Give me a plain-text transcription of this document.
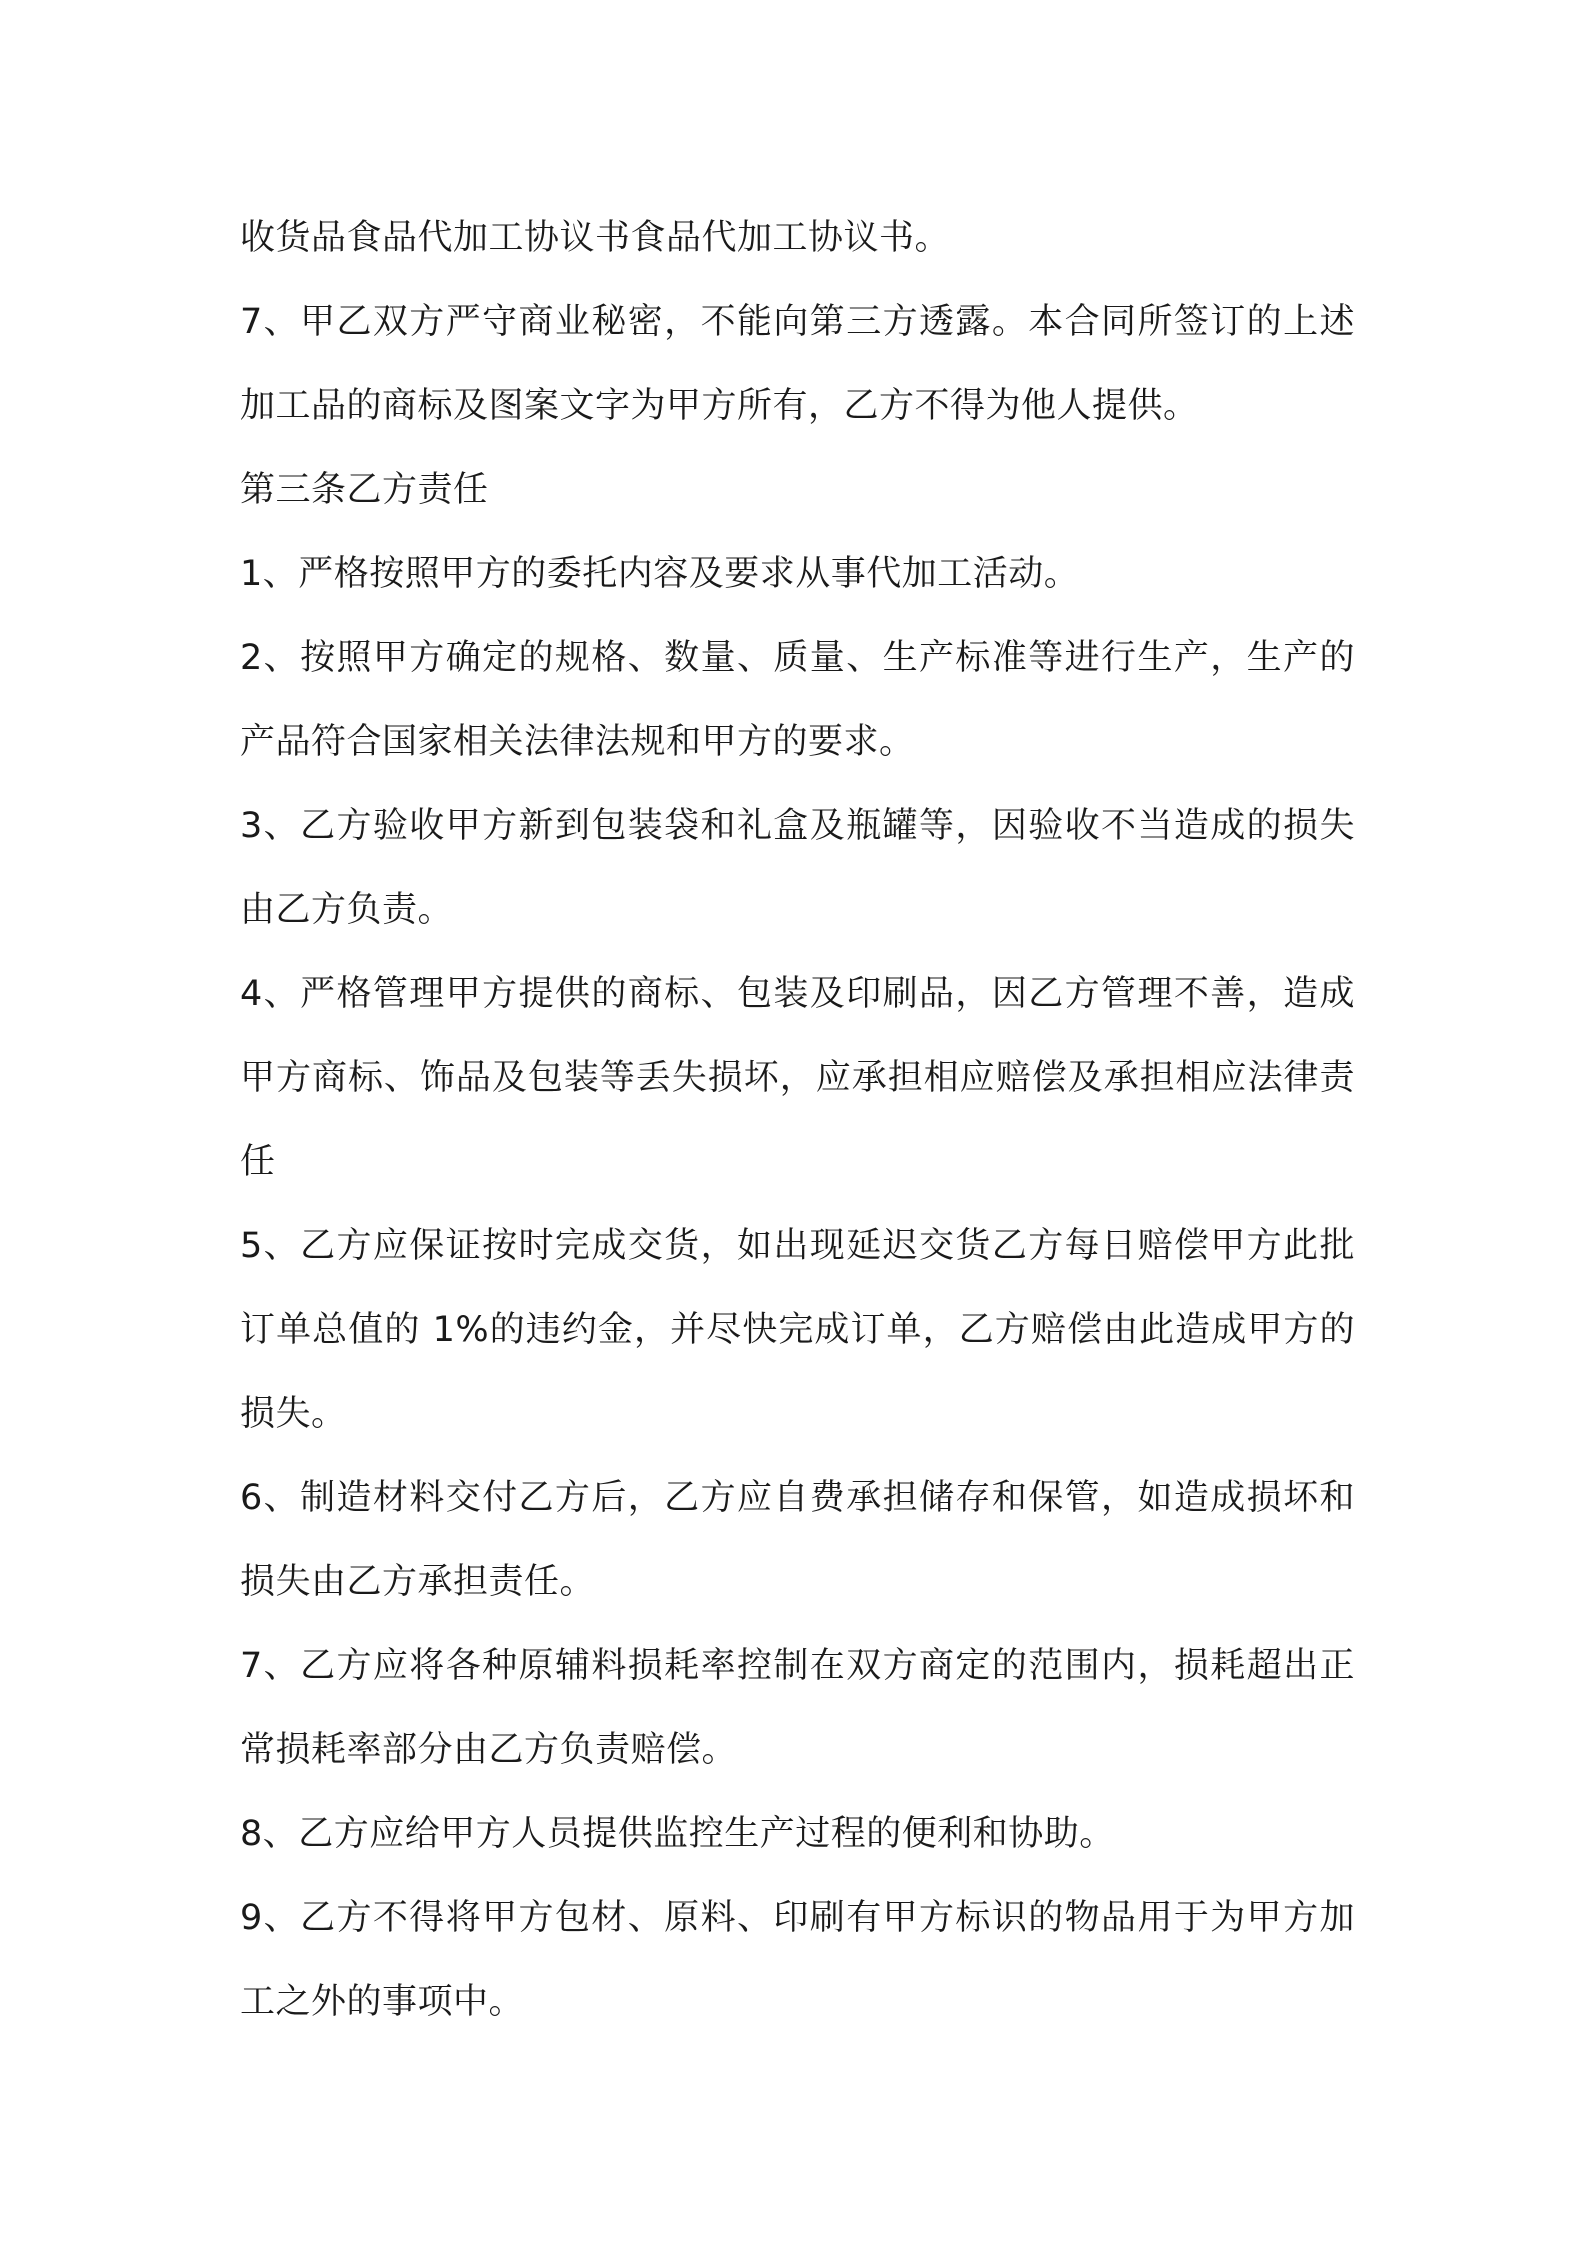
收货品食品代加工协议书食品代加工协议书。

7、甲乙双方严守商业秘密，不能向第三方透露。本合同所签订的上述加工品的商标及图案文字为甲方所有，乙方不得为他人提供。

第三条乙方责任

1、严格按照甲方的委托内容及要求从事代加工活动。

2、按照甲方确定的规格、数量、质量、生产标准等进行生产，生产的产品符合国家相关法律法规和甲方的要求。

3、乙方验收甲方新到包装袋和礼盒及瓶罐等，因验收不当造成的损失由乙方负责。

4、严格管理甲方提供的商标、包装及印刷品，因乙方管理不善，造成甲方商标、饰品及包装等丢失损坏，应承担相应赔偿及承担相应法律责任

5、乙方应保证按时完成交货，如出现延迟交货乙方每日赔偿甲方此批订单总值的 1%的违约金，并尽快完成订单，乙方赔偿由此造成甲方的损失。

6、制造材料交付乙方后，乙方应自费承担储存和保管，如造成损坏和损失由乙方承担责任。

7、乙方应将各种原辅料损耗率控制在双方商定的范围内，损耗超出正常损耗率部分由乙方负责赔偿。

8、乙方应给甲方人员提供监控生产过程的便利和协助。

9、乙方不得将甲方包材、原料、印刷有甲方标识的物品用于为甲方加工之外的事项中。
